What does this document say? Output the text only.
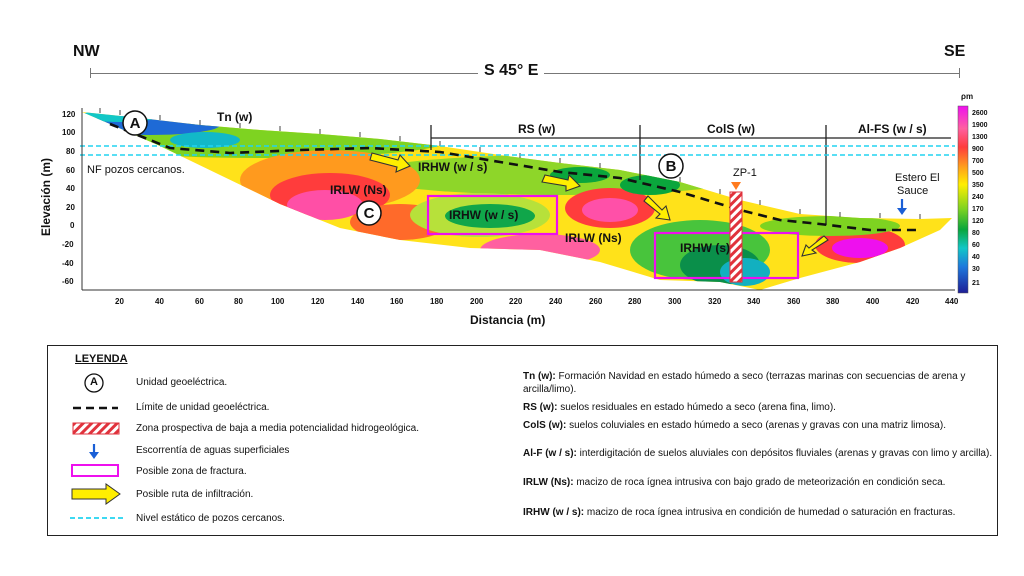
NW	SE
S 45° E
A
B
C
Tn (w)
RS (w)	ColS (w)	Al-FS (w / s)
NF pozos cercanos.	IRHW (w / s)
IRLW (Ns)
IRHW (w / s)
IRLW (Ns)
IRHW (s)
ZP-1	Estero El
Sauce
Elevación (m)
120
100
80
60
40
20
0
-20
-40
-60
20	40	60	80	100	120	140	160	180	200	220	240	260	280	300	320	340	360	380	400	420	440
Distancia (m)
ρm
2600
1900
1300
900
700
500
350
240
170
120
80
60
40
30
21
LEYENDA
A	Unidad geoeléctrica.
Límite de unidad geoeléctrica.
Zona prospectiva de baja a media potencialidad hidrogeológica.
Escorrentía de aguas superficiales
Posible zona de fractura.
Posible ruta de infiltración.
Nivel estático de pozos cercanos.
Tn (w): Formación Navidad en estado húmedo a seco (terrazas marinas con secuencias de arena y arcilla/limo).
RS (w): suelos residuales en estado húmedo a seco (arena fina, limo).
ColS (w): suelos coluviales en estado húmedo a seco (arenas y gravas con una matriz limosa).
Al-F (w / s): interdigitación de suelos aluviales con depósitos fluviales (arenas y gravas con limo y arcilla).
IRLW (Ns): macizo de roca ígnea intrusiva con bajo grado de meteorización en condición seca.
IRHW (w / s): macizo de roca ígnea intrusiva en condición de humedad o saturación en fracturas.
